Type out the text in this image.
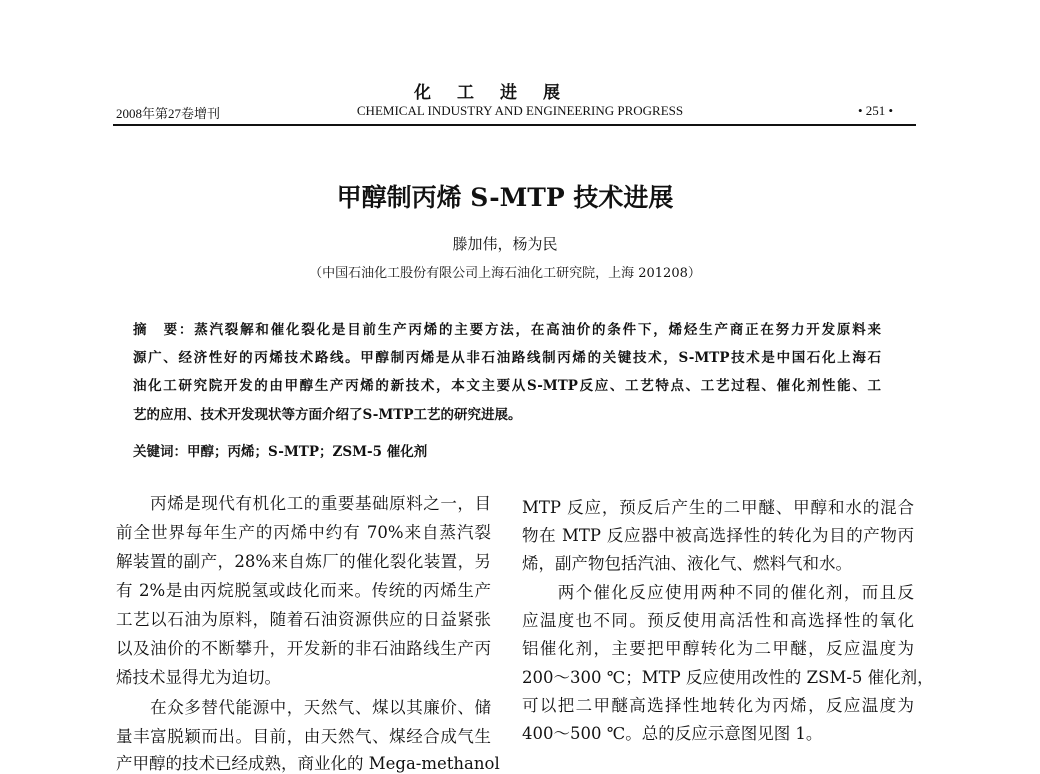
化工进展
2008年第27卷增刊	CHEMICAL INDUSTRY AND ENGINEERING PROGRESS	• 251 •
甲醇制丙烯 S-MTP 技术进展
滕加伟，杨为民
（中国石油化工股份有限公司上海石油化工研究院，上海 201208）
摘　要：蒸汽裂解和催化裂化是目前生产丙烯的主要方法，在高油价的条件下，烯烃生产商正在努力开发原料来
源广、经济性好的丙烯技术路线。甲醇制丙烯是从非石油路线制丙烯的关键技术，S-MTP技术是中国石化上海石
油化工研究院开发的由甲醇生产丙烯的新技术，本文主要从S-MTP反应、工艺特点、工艺过程、催化剂性能、工
艺的应用、技术开发现状等方面介绍了S-MTP工艺的研究进展。
关键词：甲醇；丙烯；S-MTP；ZSM-5 催化剂
　　丙烯是现代有机化工的重要基础原料之一，目
前全世界每年生产的丙烯中约有 70%来自蒸汽裂
解装置的副产，28%来自炼厂的催化裂化装置，另
有 2%是由丙烷脱氢或歧化而来。传统的丙烯生产
工艺以石油为原料，随着石油资源供应的日益紧张
以及油价的不断攀升，开发新的非石油路线生产丙
烯技术显得尤为迫切。
　　在众多替代能源中，天然气、煤以其廉价、储
量丰富脱颖而出。目前，由天然气、煤经合成气生
产甲醇的技术已经成熟，商业化的 Mega-methanol
MTP 反应，预反后产生的二甲醚、甲醇和水的混合
物在 MTP 反应器中被高选择性的转化为目的产物丙
烯，副产物包括汽油、液化气、燃料气和水。
　　两个催化反应使用两种不同的催化剂，而且反
应温度也不同。预反使用高活性和高选择性的氧化
铝催化剂，主要把甲醇转化为二甲醚，反应温度为
200～300 ℃；MTP 反应使用改性的 ZSM-5 催化剂，
可以把二甲醚高选择性地转化为丙烯，反应温度为
400～500 ℃。总的反应示意图见图 1。
